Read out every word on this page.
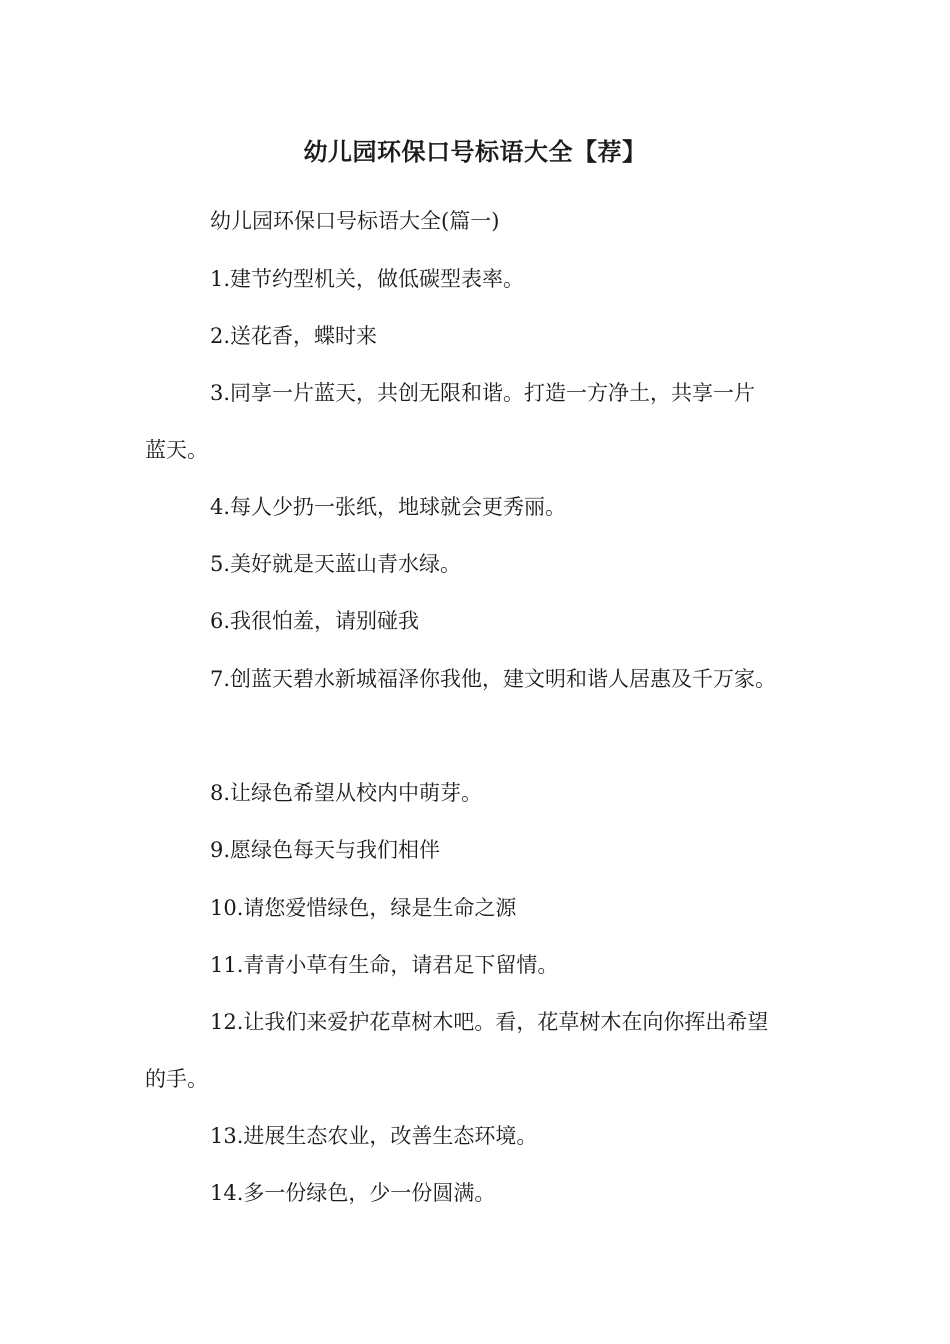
幼儿园环保口号标语大全【荐】
幼儿园环保口号标语大全(篇一)
1.建节约型机关，做低碳型表率。
2.送花香，蝶时来
3.同享一片蓝天，共创无限和谐。打造一方净土，共享一片
蓝天。
4.每人少扔一张纸，地球就会更秀丽。
5.美好就是天蓝山青水绿。
6.我很怕羞，请别碰我
7.创蓝天碧水新城福泽你我他，建文明和谐人居惠及千万家。
8.让绿色希望从校内中萌芽。
9.愿绿色每天与我们相伴
10.请您爱惜绿色，绿是生命之源
11.青青小草有生命，请君足下留情。
12.让我们来爱护花草树木吧。看，花草树木在向你挥出希望
的手。
13.进展生态农业，改善生态环境。
14.多一份绿色，少一份圆满。
